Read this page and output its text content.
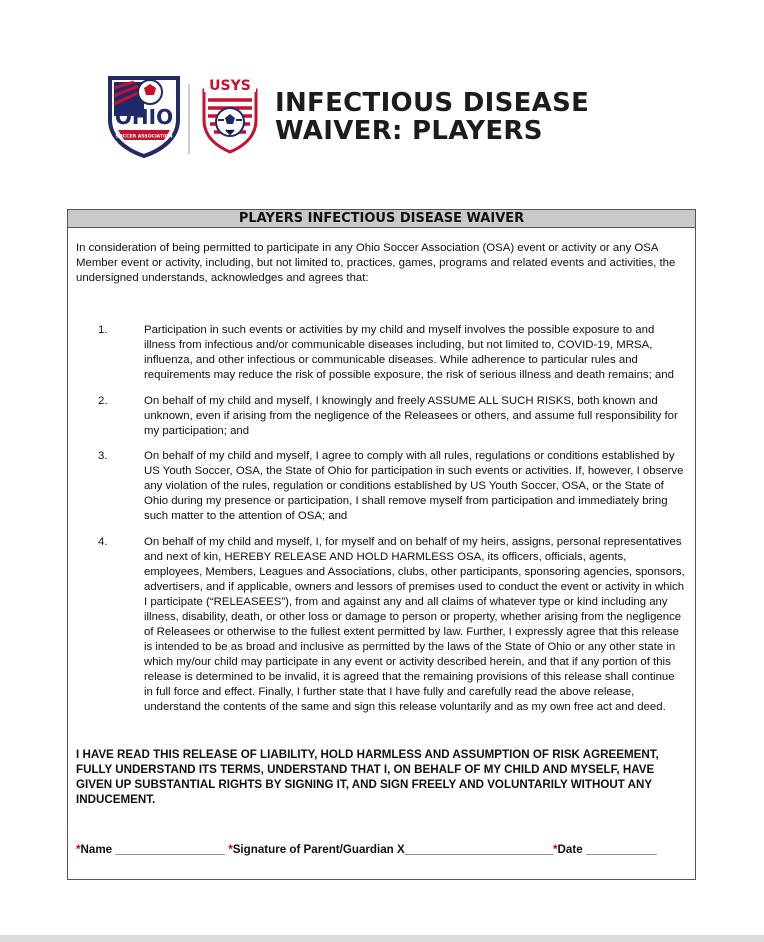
OHIO
SOCCER ASSOCIATION
USYS
INFECTIOUS DISEASE
WAIVER: PLAYERS
PLAYERS INFECTIOUS DISEASE WAIVER

In consideration of being permitted to participate in any Ohio Soccer Association (OSA) event or activity or any OSA Member event or activity, including, but not limited to, practices, games, programs and related events and activities, the undersigned understands, acknowledges and agrees that:

1.	Participation in such events or activities by my child and myself involves the possible exposure to and illness from infectious and/or communicable diseases including, but not limited to, COVID-19, MRSA, influenza, and other infectious or communicable diseases. While adherence to particular rules and requirements may reduce the risk of possible exposure, the risk of serious illness and death remains; and
2.	On behalf of my child and myself, I knowingly and freely ASSUME ALL SUCH RISKS, both known and unknown, even if arising from the negligence of the Releasees or others, and assume full responsibility for my participation; and
3.	On behalf of my child and myself, I agree to comply with all rules, regulations or conditions established by US Youth Soccer, OSA, the State of Ohio for participation in such events or activities. If, however, I observe any violation of the rules, regulation or conditions established by US Youth Soccer, OSA, or the State of Ohio during my presence or participation, I shall remove myself from participation and immediately bring such matter to the attention of OSA; and
4.	On behalf of my child and myself, I, for myself and on behalf of my heirs, assigns, personal representatives and next of kin, HEREBY RELEASE AND HOLD HARMLESS OSA, its officers, officials, agents, employees, Members, Leagues and Associations, clubs, other participants, sponsoring agencies, sponsors, advertisers, and if applicable, owners and lessors of premises used to conduct the event or activity in which I participate (“RELEASEES”), from and against any and all claims of whatever type or kind including any illness, disability, death, or other loss or damage to person or property, whether arising from the negligence of Releasees or otherwise to the fullest extent permitted by law. Further, I expressly agree that this release is intended to be as broad and inclusive as permitted by the laws of the State of Ohio or any other state in which my/our child may participate in any event or activity described herein, and that if any portion of this release is determined to be invalid, it is agreed that the remaining provisions of this release shall continue in full force and effect. Finally, I further state that I have fully and carefully read the above release, understand the contents of the same and sign this release voluntarily and as my own free act and deed.
I HAVE READ THIS RELEASE OF LIABILITY, HOLD HARMLESS AND ASSUMPTION OF RISK AGREEMENT, FULLY UNDERSTAND ITS TERMS, UNDERSTAND THAT I, ON BEHALF OF MY CHILD AND MYSELF, HAVE GIVEN UP SUBSTANTIAL RIGHTS BY SIGNING IT, AND SIGN FREELY AND VOLUNTARILY WITHOUT ANY INDUCEMENT.
*Name _________________ *Signature of Parent/Guardian X_______________________*Date ___________
